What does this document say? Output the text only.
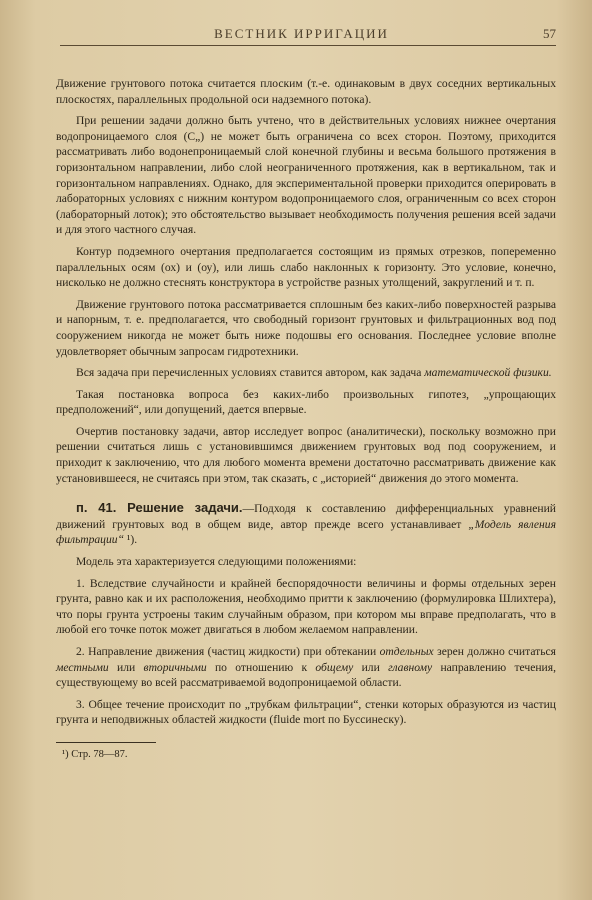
ВЕСТНИК ИРРИГАЦИИ	57

Движение грунтового потока считается плоским (т.-е. одинаковым в двух соседних вертикальных плоскостях, параллельных продольной оси надземного потока).

При решении задачи должно быть учтено, что в действительных условиях нижнее очертания водопроницаемого слоя (C„) не может быть ограничена со всех сторон. Поэтому, приходится рассматривать либо водонепроницаемый слой конечной глубины и весьма большого протяжения в горизонтальном направлении, либо слой неограниченного протяжения, как в вертикальном, так и горизонтальном направлениях. Однако, для экспериментальной проверки приходится оперировать в лабораторных условиях с нижним контуром водопроницаемого слоя, ограниченным со всех сторон (лабораторный лоток); это обстоятельство вызывает необходимость получения решения всей задачи и для этого частного случая.

Контур подземного очертания предполагается состоящим из прямых отрезков, попеременно параллельных осям (ох) и (оу), или лишь слабо наклонных к горизонту. Это условие, конечно, нисколько не должно стеснять конструктора в устройстве разных утолщений, закруглений и т. п.

Движение грунтового потока рассматривается сплошным без каких-либо поверхностей разрыва и напорным, т. е. предполагается, что свободный горизонт грунтовых и фильтрационных вод под сооружением никогда не может быть ниже подошвы его основания. Последнее условие вполне удовлетворяет обычным запросам гидротехники.

Вся задача при перечисленных условиях ставится автором, как задача математической физики.

Такая постановка вопроса без каких-либо произвольных гипотез, „упрощающих предположений“, или допущений, дается впервые.

Очертив постановку задачи, автор исследует вопрос (аналитически), поскольку возможно при решении считаться лишь с установившимся движением грунтовых вод под сооружением, и приходит к заключению, что для любого момента времени достаточно рассматривать движение как установившееся, не считаясь при этом, так сказать, с „историей“ движения до этого момента.

п. 41. Решение задачи.—Подходя к составлению дифференциальных уравнений движений грунтовых вод в общем виде, автор прежде всего устанавливает „Модель явления фильтрации“ ¹).

Модель эта характеризуется следующими положениями:

1. Вследствие случайности и крайней беспорядочности величины и формы отдельных зерен грунта, равно как и их расположения, необходимо притти к заключению (формулировка Шлихтера), что поры грунта устроены таким случайным образом, при котором мы вправе предполагать, что в любой его точке поток может двигаться в любом желаемом направлении.

2. Направление движения (частиц жидкости) при обтекании отдельных зерен должно считаться местными или вторичными по отношению к общему или главному направлению течения, существующему во всей рассматриваемой водопроницаемой области.

3. Общее течение происходит по „трубкам фильтрации“, стенки которых образуются из частиц грунта и неподвижных областей жидкости (fluide mort по Буссинеску).

¹) Стр. 78—87.
